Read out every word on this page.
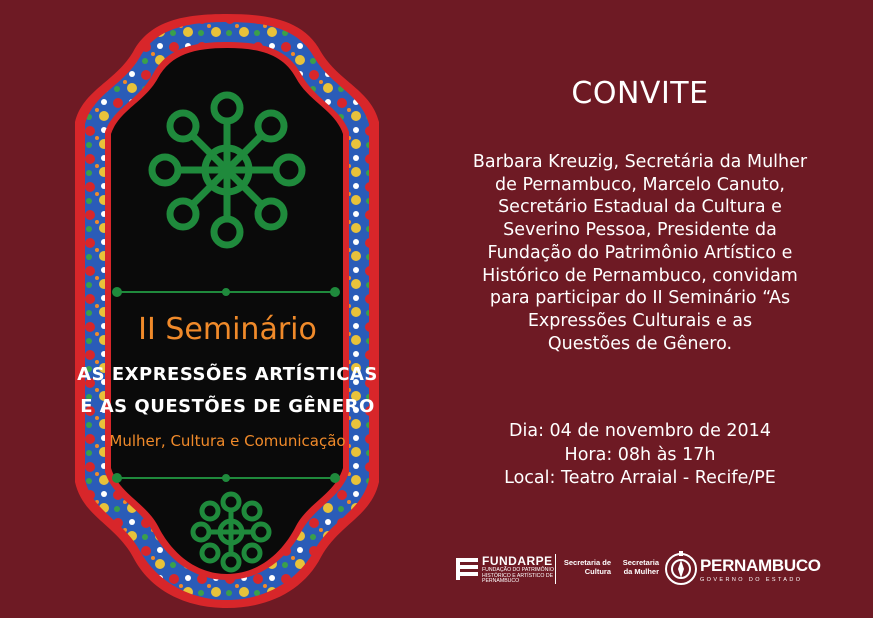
II Seminário
AS EXPRESSÕES ARTÍSTICAS
E AS QUESTÕES DE GÊNERO
Mulher, Cultura e Comunicação
CONVITE
Barbara Kreuzig, Secretária da Mulher
de Pernambuco, Marcelo Canuto,
Secretário Estadual da Cultura e
Severino Pessoa, Presidente da
Fundação do Patrimônio Artístico e
Histórico de Pernambuco, convidam
para participar do II Seminário “As
Expressões Culturais e as
Questões de Gênero.
Dia: 04 de novembro de 2014
Hora: 08h às 17h
Local: Teatro Arraial - Recife/PE
FUNDARPE
FUNDAÇÃO DO PATRIMÔNIO HISTÓRICO E ARTÍSTICO DE PERNAMBUCO
Secretaria de
Cultura
Secretaria
da Mulher PERNAMBUCO
GOVERNO DO ESTADO
